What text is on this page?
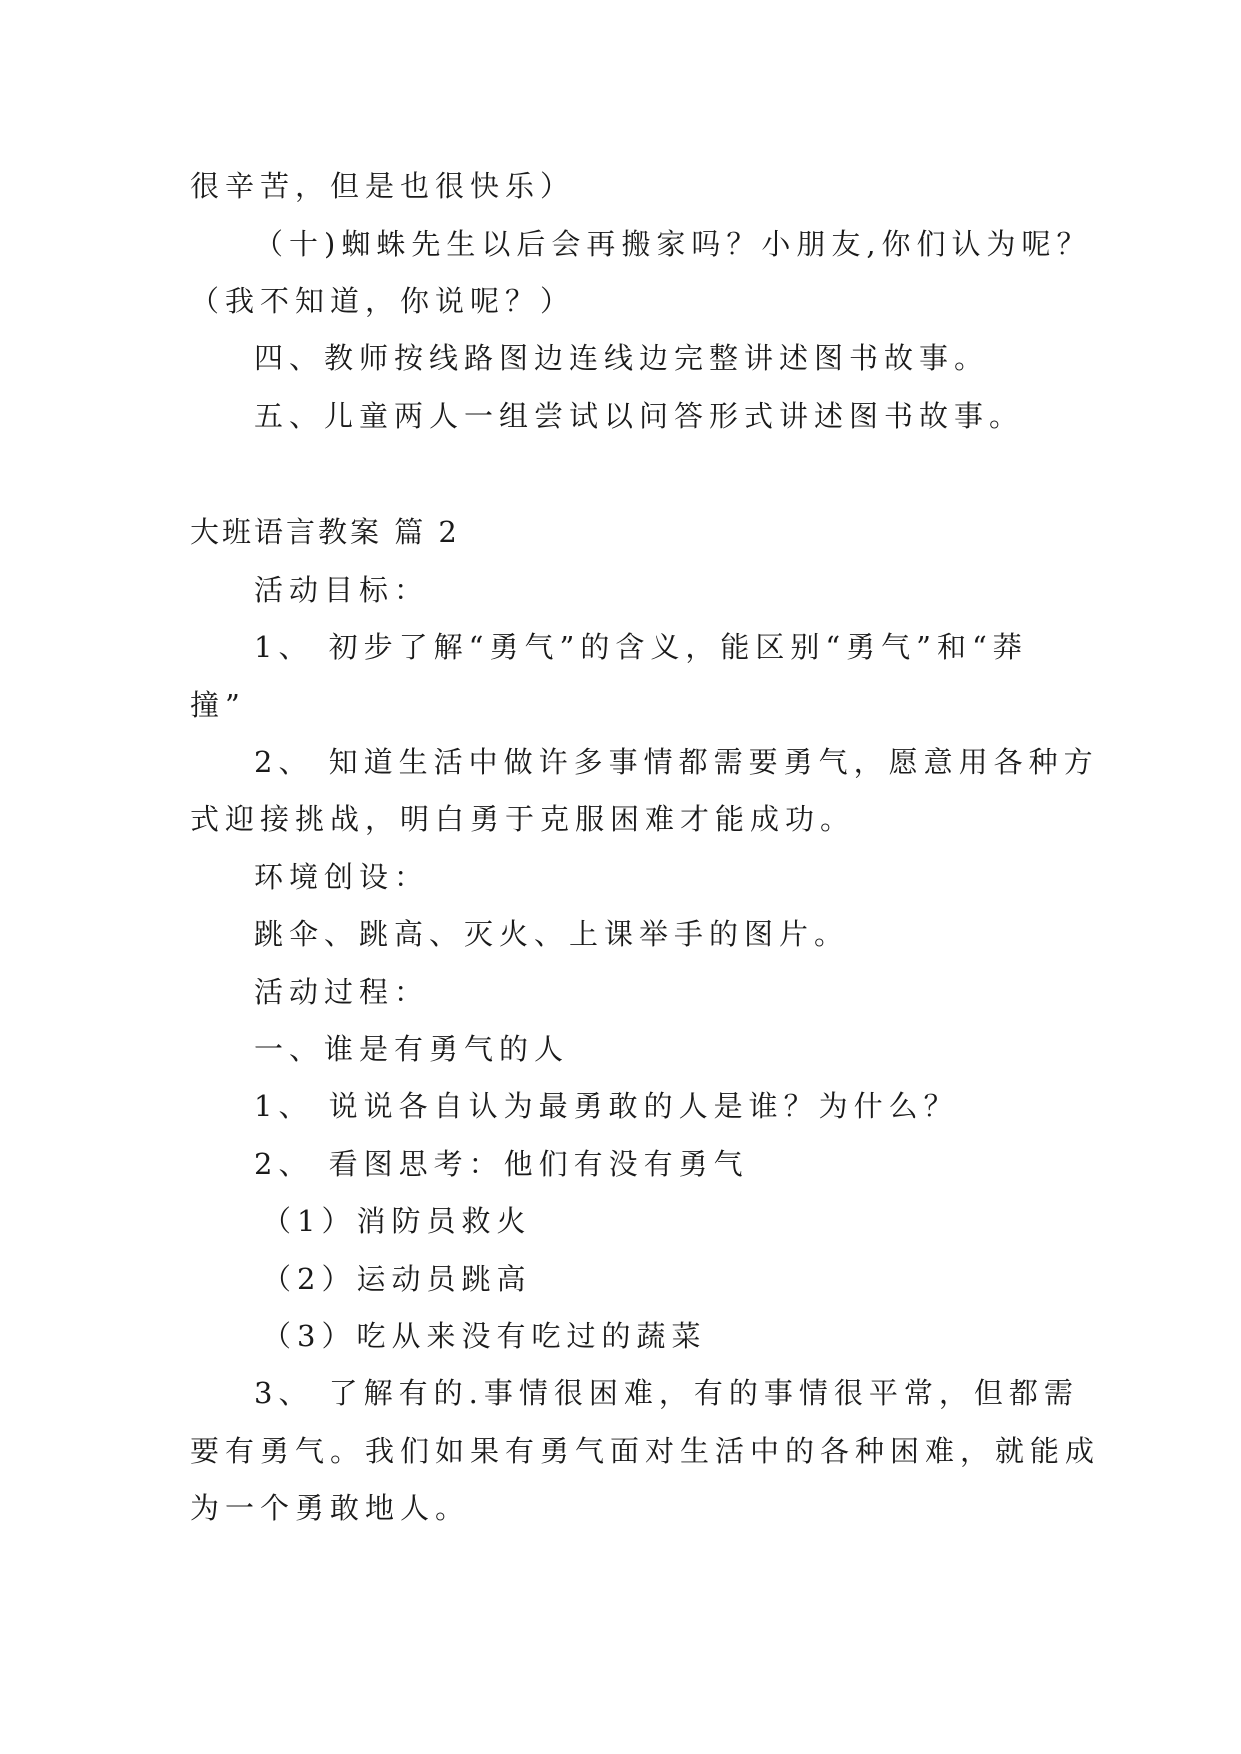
很辛苦，但是也很快乐）
（十)蜘蛛先生以后会再搬家吗？小朋友,你们认为呢？
（我不知道，你说呢？）
四、教师按线路图边连线边完整讲述图书故事。
五、儿童两人一组尝试以问答形式讲述图书故事。
大班语言教案 篇 2
活动目标：
1、 初步了解“勇气”的含义，能区别“勇气”和“莽
撞”
2、 知道生活中做许多事情都需要勇气，愿意用各种方
式迎接挑战，明白勇于克服困难才能成功。
环境创设：
跳伞、跳高、灭火、上课举手的图片。
活动过程：
一、谁是有勇气的人
1、 说说各自认为最勇敢的人是谁？为什么？
2、 看图思考：他们有没有勇气
（1）消防员救火
（2）运动员跳高
（3）吃从来没有吃过的蔬菜
3、 了解有的.事情很困难，有的事情很平常，但都需
要有勇气。我们如果有勇气面对生活中的各种困难，就能成
为一个勇敢地人。
